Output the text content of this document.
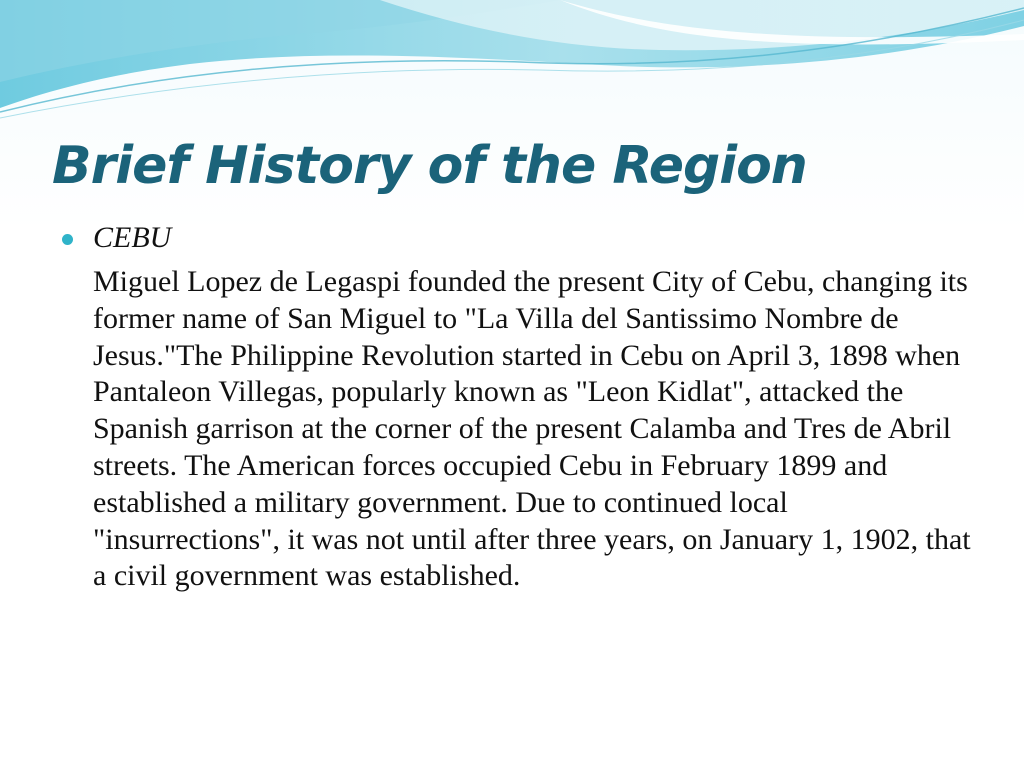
Brief History of the Region

CEBU

Miguel Lopez de Legaspi founded the present City of Cebu, changing its former name of San Miguel to "La Villa del Santissimo Nombre de Jesus."The Philippine Revolution started in Cebu on April 3, 1898 when Pantaleon Villegas, popularly known as "Leon Kidlat", attacked the Spanish garrison at the corner of the present Calamba and Tres de Abril streets. The American forces occupied Cebu in February 1899 and established a military government. Due to continued local "insurrections", it was not until after three years, on January 1, 1902, that a civil government was established.
